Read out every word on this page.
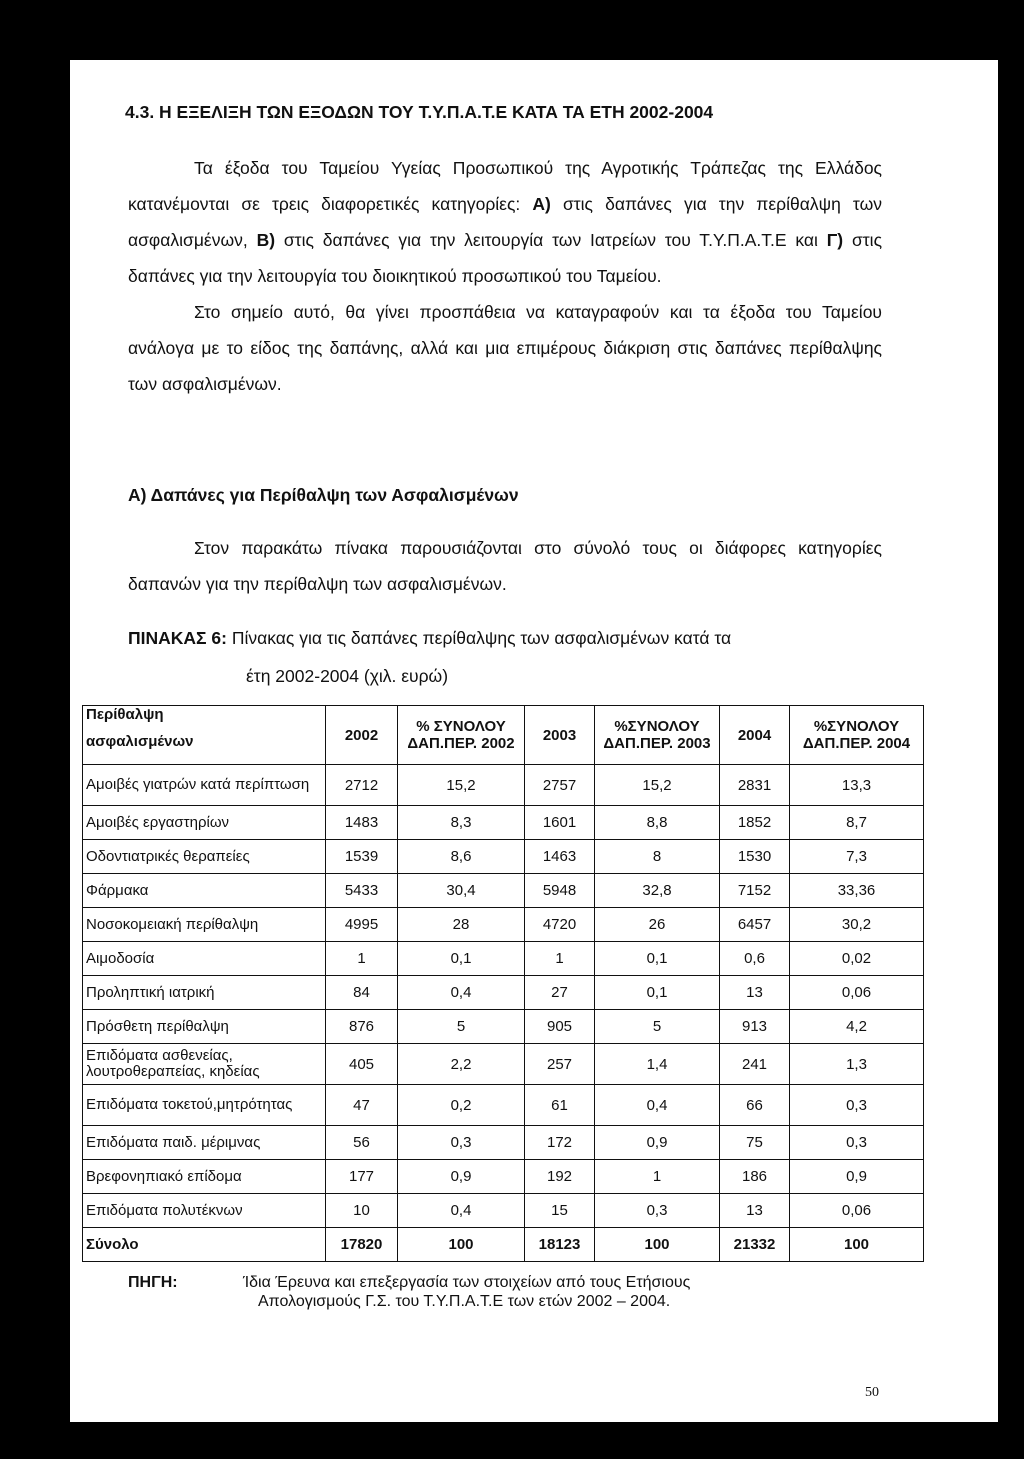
4.3. Η ΕΞΕΛΙΞΗ ΤΩΝ ΕΞΟΔΩΝ ΤΟΥ Τ.Υ.Π.Α.Τ.Ε ΚΑΤΑ ΤΑ ΕΤΗ 2002-2004

Τα έξοδα του Ταμείου Υγείας Προσωπικού της Αγροτικής Τράπεζας της Ελλάδος κατανέμονται σε τρεις διαφορετικές κατηγορίες: Α) στις δαπάνες για την περίθαλψη των ασφαλισμένων, Β) στις δαπάνες για την λειτουργία των Ιατρείων του Τ.Υ.Π.Α.Τ.Ε και Γ) στις δαπάνες για την λειτουργία του διοικητικού προσωπικού του Ταμείου.

Στο σημείο αυτό, θα γίνει προσπάθεια να καταγραφούν και τα έξοδα του Ταμείου ανάλογα με το είδος της δαπάνης, αλλά και μια επιμέρους διάκριση στις δαπάνες περίθαλψης των ασφαλισμένων.

Α) Δαπάνες για Περίθαλψη των Ασφαλισμένων

Στον παρακάτω πίνακα παρουσιάζονται στο σύνολό τους οι διάφορες κατηγορίες δαπανών για την περίθαλψη των ασφαλισμένων.

ΠΙΝΑΚΑΣ 6: Πίνακας για τις δαπάνες περίθαλψης των ασφαλισμένων κατά τα
έτη 2002-2004 (χιλ. ευρώ)
Περίθαλψη
ασφαλισμένων	2002	% ΣΥΝΟΛΟΥ ΔΑΠ.ΠΕΡ. 2002	2003	%ΣΥΝΟΛΟΥ ΔΑΠ.ΠΕΡ. 2003	2004	%ΣΥΝΟΛΟΥ ΔΑΠ.ΠΕΡ. 2004
Αμοιβές γιατρών κατά περίπτωση	2712	15,2	2757	15,2	2831	13,3
Αμοιβές εργαστηρίων	1483	8,3	1601	8,8	1852	8,7
Οδοντιατρικές θεραπείες	1539	8,6	1463	8	1530	7,3
Φάρμακα	5433	30,4	5948	32,8	7152	33,36
Νοσοκομειακή περίθαλψη	4995	28	4720	26	6457	30,2
Αιμοδοσία	1	0,1	1	0,1	0,6	0,02
Προληπτική ιατρική	84	0,4	27	0,1	13	0,06
Πρόσθετη περίθαλψη	876	5	905	5	913	4,2
Επιδόματα ασθενείας, λουτροθεραπείας, κηδείας	405	2,2	257	1,4	241	1,3
Επιδόματα τοκετού,μητρότητας	47	0,2	61	0,4	66	0,3
Επιδόματα παιδ. μέριμνας	56	0,3	172	0,9	75	0,3
Βρεφονηπιακό επίδομα	177	0,9	192	1	186	0,9
Επιδόματα πολυτέκνων	10	0,4	15	0,3	13	0,06
Σύνολο	17820	100	18123	100	21332	100
ΠΗΓΗ:	Ίδια Έρευνα και επεξεργασία των στοιχείων από τους Ετήσιους
Απολογισμούς Γ.Σ. του Τ.Υ.Π.Α.Τ.Ε των ετών 2002 – 2004.
50
